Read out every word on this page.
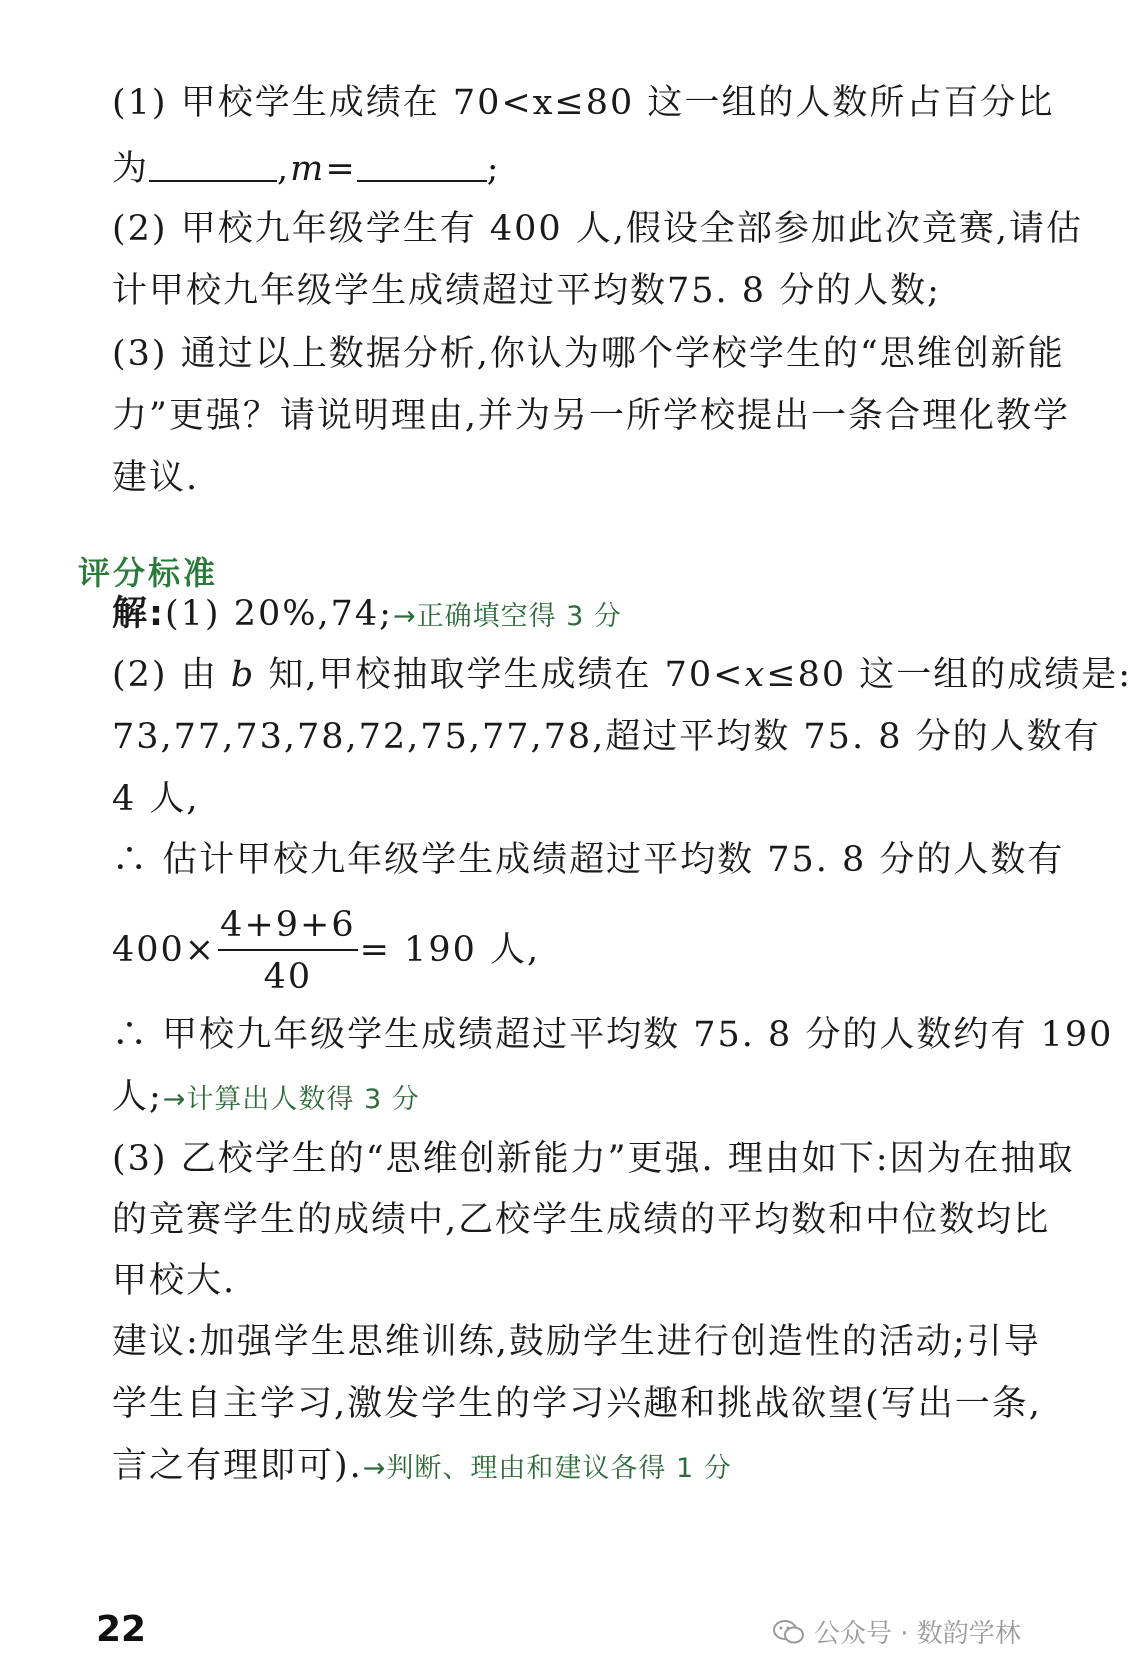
(1) 甲校学生成绩在 70<x≤80 这一组的人数所占百分比
为	,m=	;
(2) 甲校九年级学生有 400 人,假设全部参加此次竞赛,请估
计甲校九年级学生成绩超过平均数75. 8 分的人数;
(3) 通过以上数据分析,你认为哪个学校学生的“思维创新能
力”更强？请说明理由,并为另一所学校提出一条合理化教学
建议.
评分标准
解:(1) 20%,74;→正确填空得 3 分
(2) 由 b 知,甲校抽取学生成绩在 70<x≤80 这一组的成绩是:
73,77,73,78,72,75,77,78,超过平均数 75. 8 分的人数有
4 人,
∴ 估计甲校九年级学生成绩超过平均数 75. 8 分的人数有
$400\times \frac{4+9+6}{40} = 190$ 人,
∴ 甲校九年级学生成绩超过平均数 75. 8 分的人数约有 190
人;→计算出人数得 3 分
(3) 乙校学生的“思维创新能力”更强. 理由如下:因为在抽取
的竞赛学生的成绩中,乙校学生成绩的平均数和中位数均比
甲校大.
建议:加强学生思维训练,鼓励学生进行创造性的活动;引导
学生自主学习,激发学生的学习兴趣和挑战欲望(写出一条,
言之有理即可).→判断、理由和建议各得 1 分
22	公众号 · 数韵学林
